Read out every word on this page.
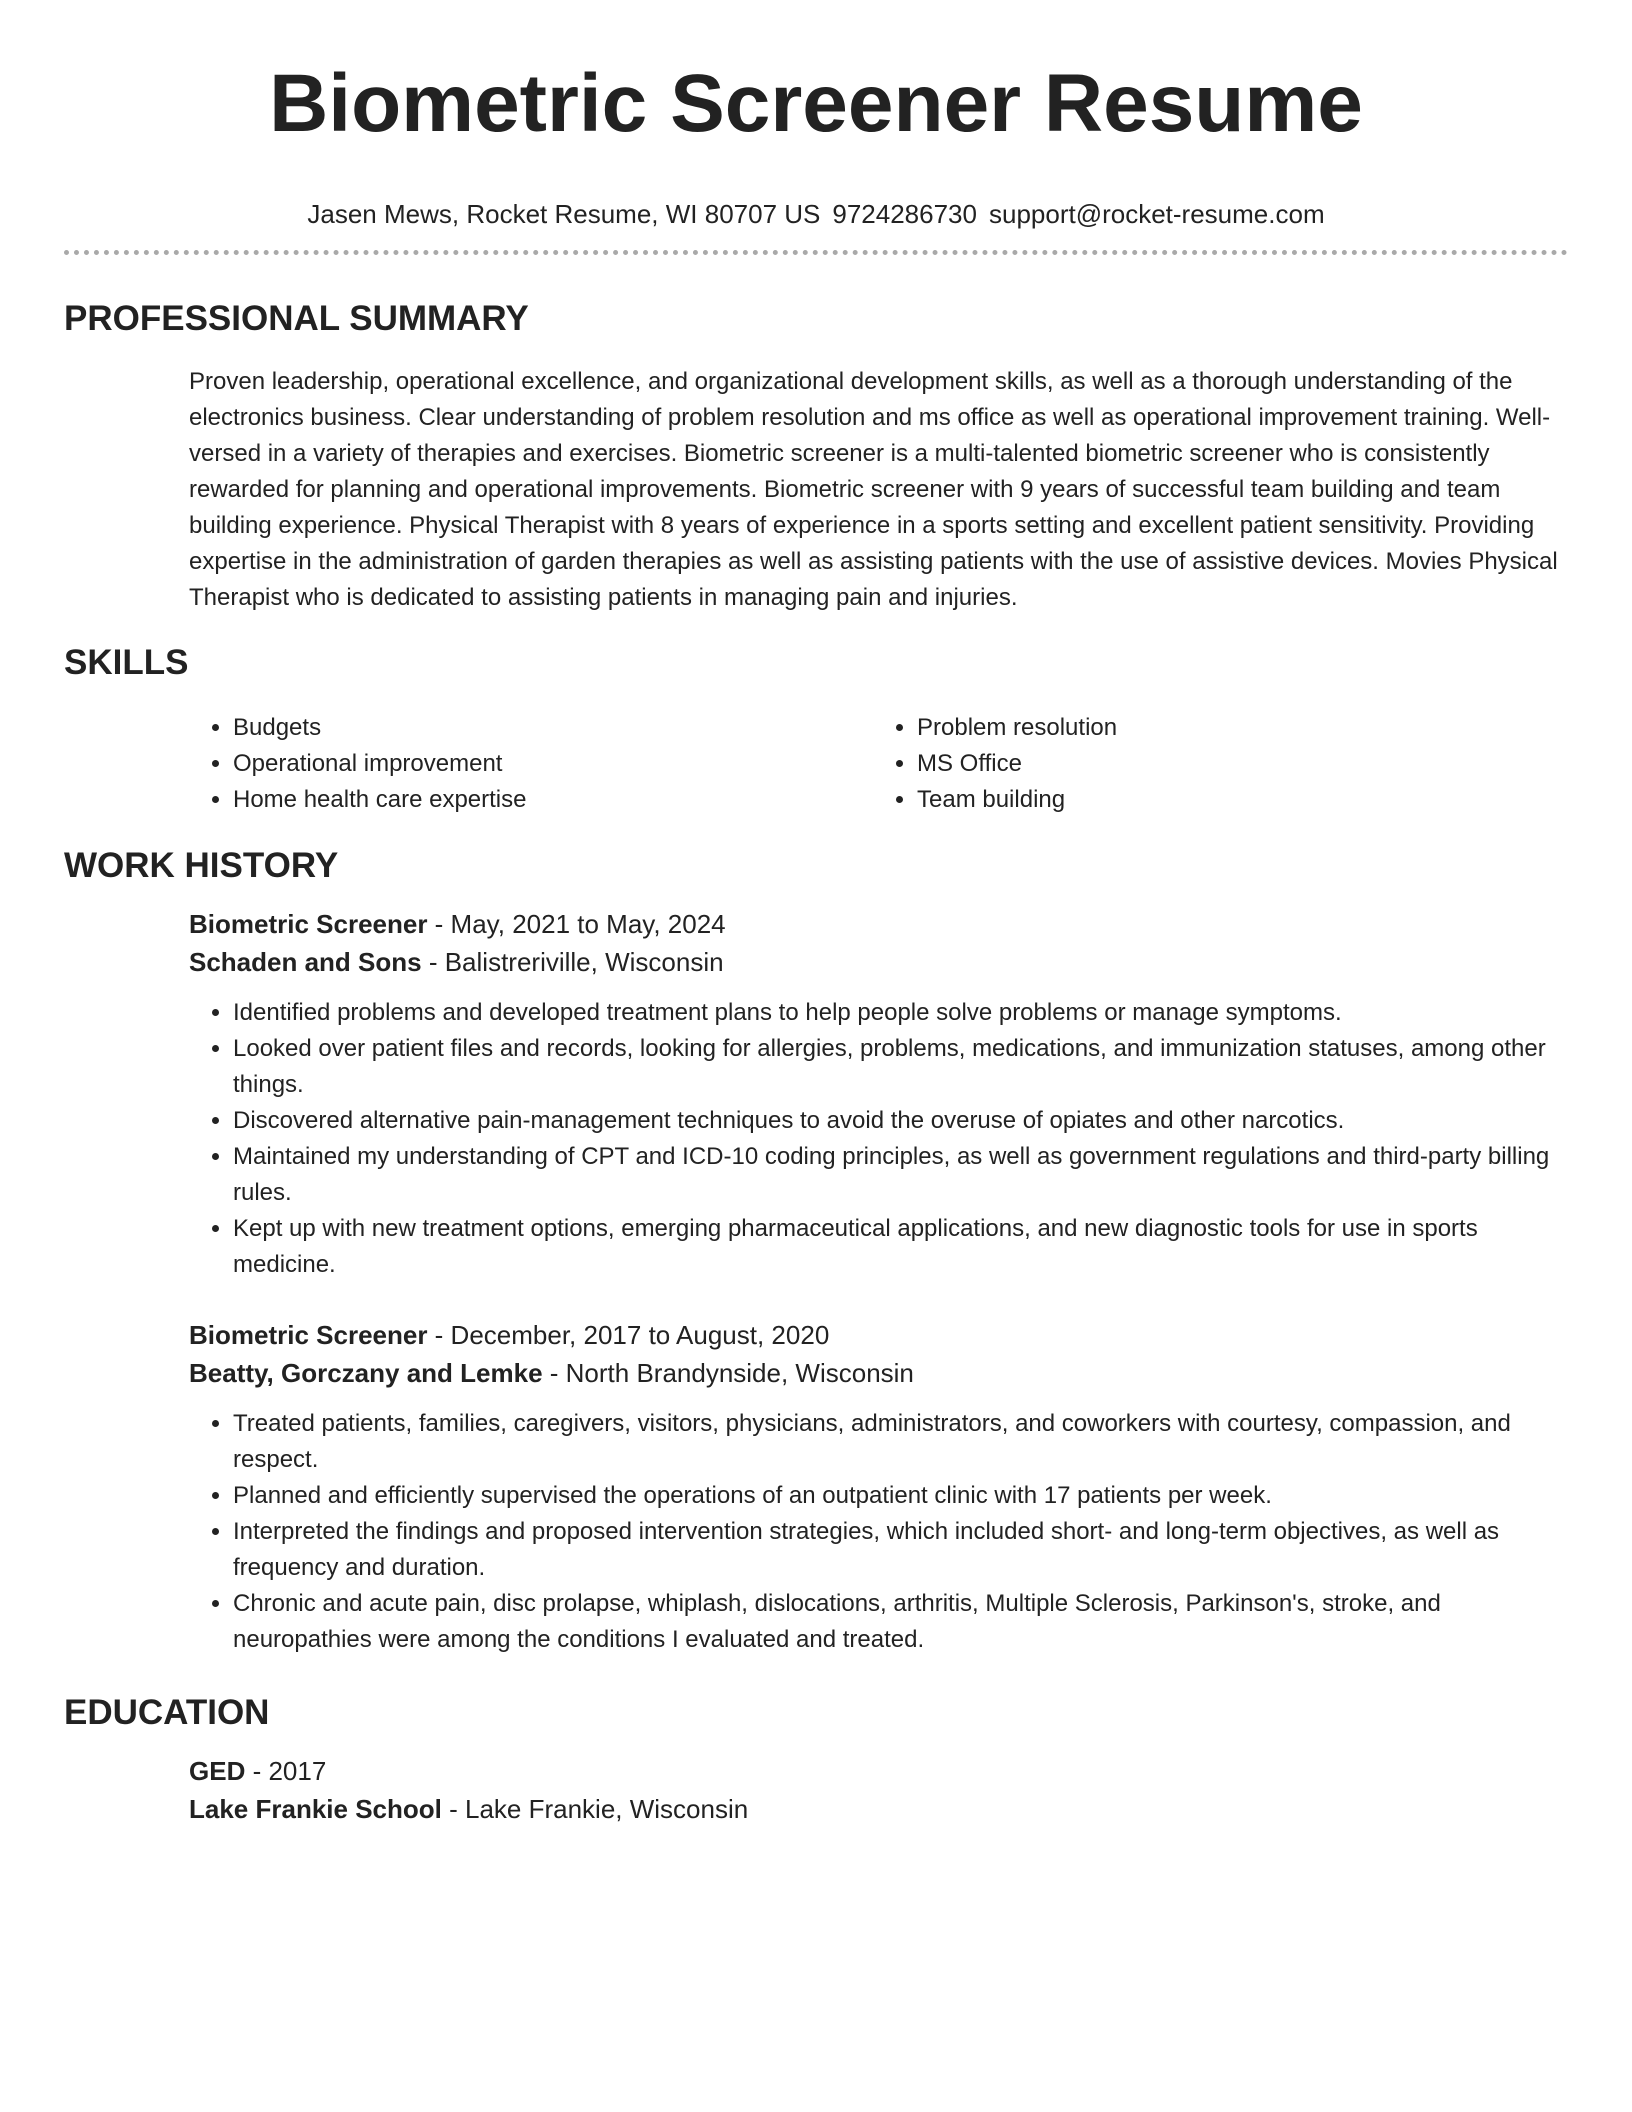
Biometric Screener Resume
Jasen Mews, Rocket Resume, WI 80707 US 9724286730 support@rocket-resume.com
PROFESSIONAL SUMMARY
Proven leadership, operational excellence, and organizational development skills, as well as a thorough understanding of the electronics business. Clear understanding of problem resolution and ms office as well as operational improvement training. Well-versed in a variety of therapies and exercises. Biometric screener is a multi-talented biometric screener who is consistently rewarded for planning and operational improvements. Biometric screener with 9 years of successful team building and team building experience. Physical Therapist with 8 years of experience in a sports setting and excellent patient sensitivity. Providing expertise in the administration of garden therapies as well as assisting patients with the use of assistive devices. Movies Physical Therapist who is dedicated to assisting patients in managing pain and injuries.
SKILLS
• Budgets
• Operational improvement
• Home health care expertise
• Problem resolution
• MS Office
• Team building
WORK HISTORY
Biometric Screener - May, 2021 to May, 2024
Schaden and Sons - Balistreriville, Wisconsin
• Identified problems and developed treatment plans to help people solve problems or manage symptoms.
• Looked over patient files and records, looking for allergies, problems, medications, and immunization statuses, among other things.
• Discovered alternative pain-management techniques to avoid the overuse of opiates and other narcotics.
• Maintained my understanding of CPT and ICD-10 coding principles, as well as government regulations and third-party billing rules.
• Kept up with new treatment options, emerging pharmaceutical applications, and new diagnostic tools for use in sports medicine.
Biometric Screener - December, 2017 to August, 2020
Beatty, Gorczany and Lemke - North Brandynside, Wisconsin
• Treated patients, families, caregivers, visitors, physicians, administrators, and coworkers with courtesy, compassion, and respect.
• Planned and efficiently supervised the operations of an outpatient clinic with 17 patients per week.
• Interpreted the findings and proposed intervention strategies, which included short- and long-term objectives, as well as frequency and duration.
• Chronic and acute pain, disc prolapse, whiplash, dislocations, arthritis, Multiple Sclerosis, Parkinson's, stroke, and neuropathies were among the conditions I evaluated and treated.
EDUCATION
GED - 2017
Lake Frankie School - Lake Frankie, Wisconsin
